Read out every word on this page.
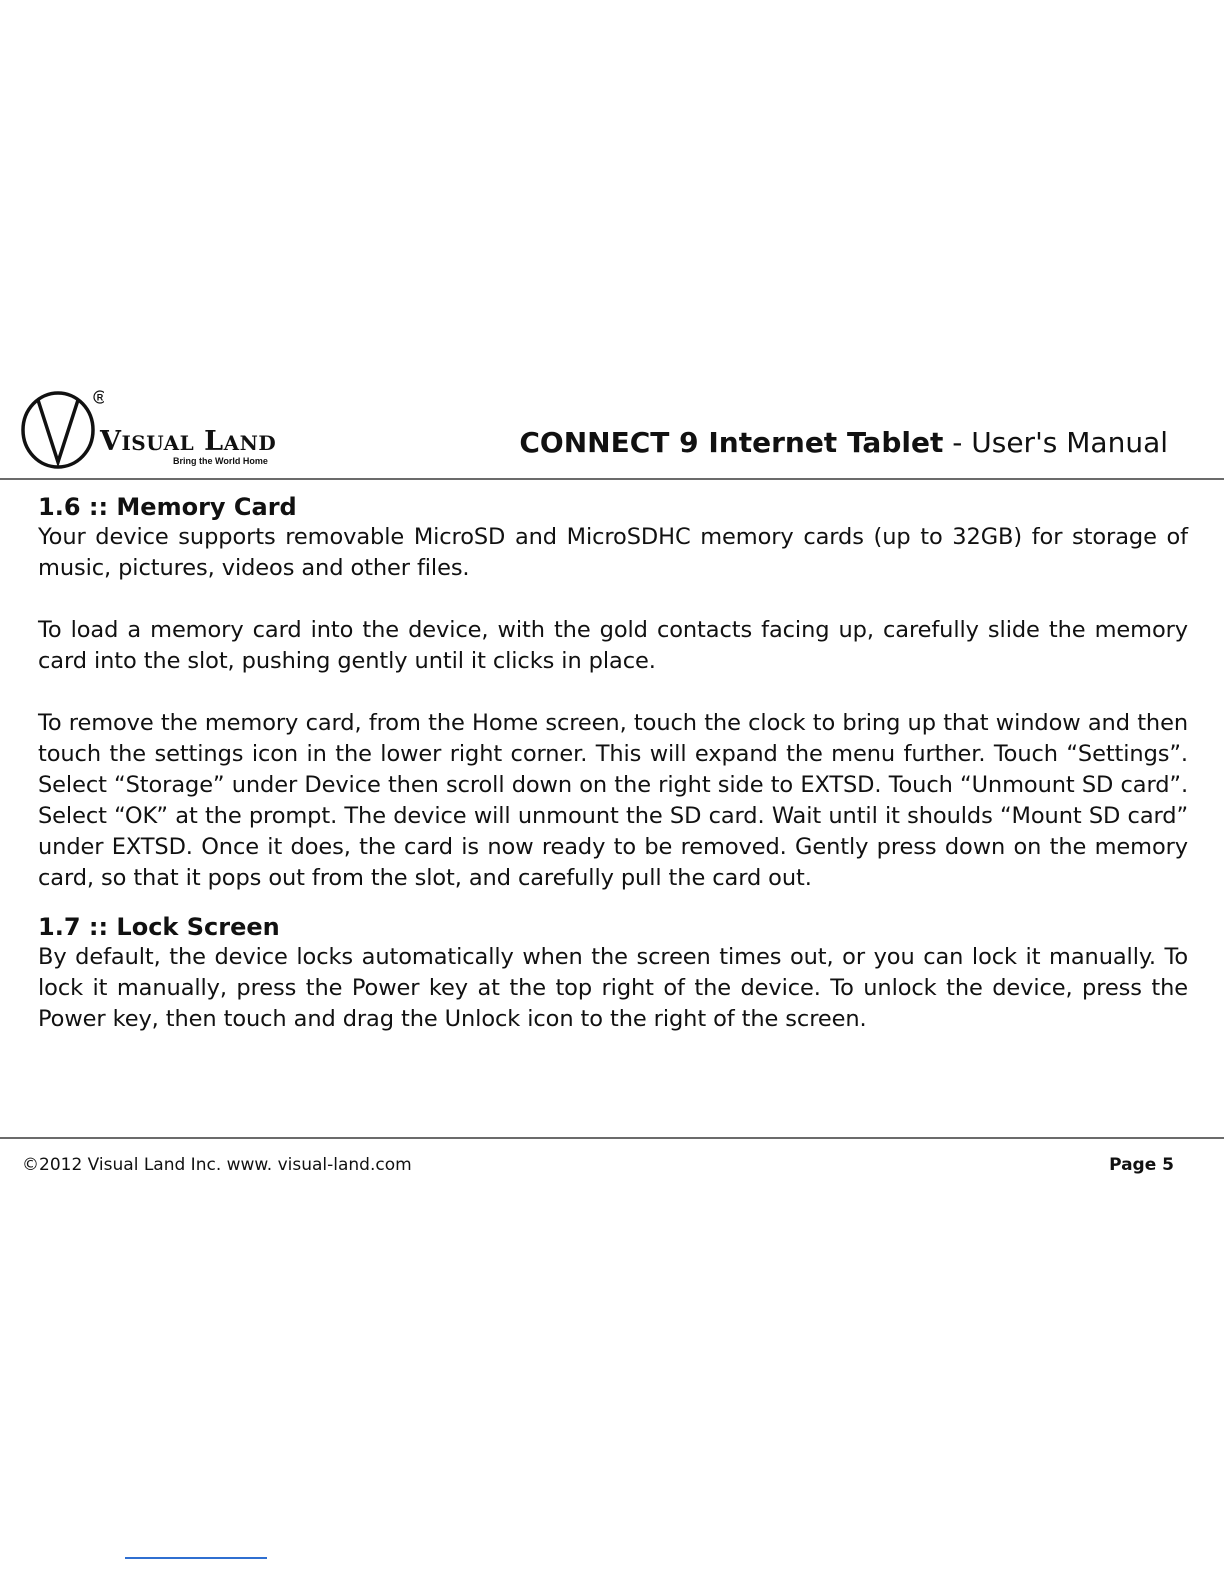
R
VISUAL LAND
Bring the World Home
CONNECT 9 Internet Tablet - User's Manual
1.6 :: Memory Card

Your device supports removable MicroSD and MicroSDHC memory cards (up to 32GB) for storage of music, pictures, videos and other files.

To load a memory card into the device, with the gold contacts facing up, carefully slide the memory card into the slot, pushing gently until it clicks in place.

To remove the memory card, from the Home screen, touch the clock to bring up that window and then touch the settings icon in the lower right corner. This will expand the menu further. Touch “Settings”. Select “Storage” under Device then scroll down on the right side to EXTSD. Touch “Unmount SD card”. Select “OK” at the prompt. The device will unmount the SD card. Wait until it shoulds “Mount SD card” under EXTSD. Once it does, the card is now ready to be removed. Gently press down on the memory card, so that it pops out from the slot, and carefully pull the card out.

1.7 :: Lock Screen

By default, the device locks automatically when the screen times out, or you can lock it manually. To lock it manually, press the Power key at the top right of the device. To unlock the device, press the Power key, then touch and drag the Unlock icon to the right of the screen.

©2012 Visual Land Inc. www. visual-land.com	Page 5
